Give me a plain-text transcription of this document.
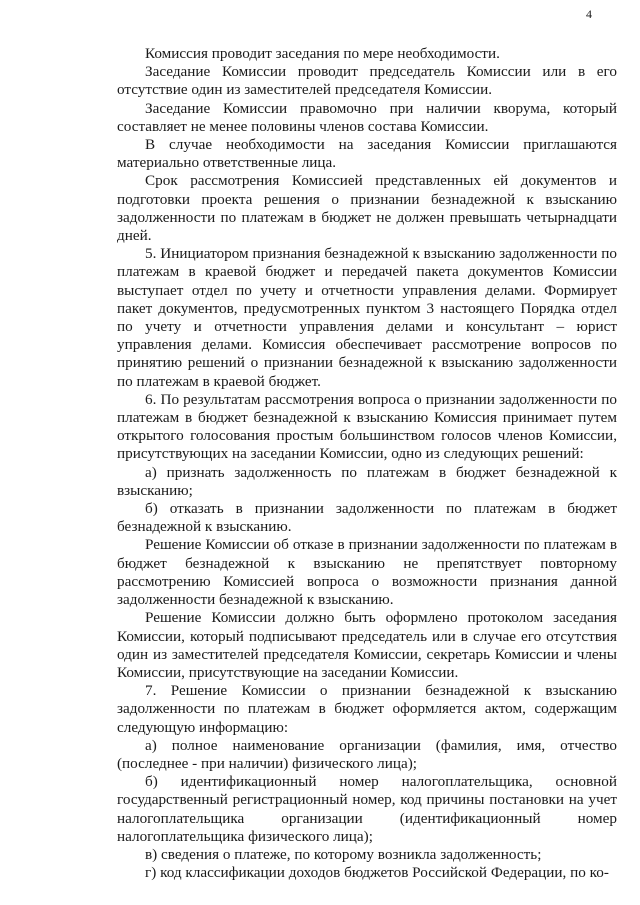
4

Комиссия проводит заседания по мере необходимости.

Заседание Комиссии проводит председатель Комиссии или в его отсутствие один из заместителей председателя Комиссии.

Заседание Комиссии правомочно при наличии кворума, который составляет не менее половины членов состава Комиссии.

В случае необходимости на заседания Комиссии приглашаются материально ответственные лица.

Срок рассмотрения Комиссией представленных ей документов и подготовки проекта решения о признании безнадежной к взысканию задолженности по платежам в бюджет не должен превышать четырнадцати дней.

5. Инициатором признания безнадежной к взысканию задолженности по платежам в краевой бюджет и передачей пакета документов Комиссии выступает отдел по учету и отчетности управления делами. Формирует пакет документов, предусмотренных пунктом 3 настоящего Порядка отдел по учету и отчетности управления делами и консультант – юрист управления делами. Комиссия обеспечивает рассмотрение вопросов по принятию решений о признании безнадежной к взысканию задолженности по платежам в краевой бюджет.

6. По результатам рассмотрения вопроса о признании задолженности по платежам в бюджет безнадежной к взысканию Комиссия принимает путем открытого голосования простым большинством голосов членов Комиссии, присутствующих на заседании Комиссии, одно из следующих решений:

а) признать задолженность по платежам в бюджет безнадежной к взысканию;

б) отказать в признании задолженности по платежам в бюджет безнадежной к взысканию.

Решение Комиссии об отказе в признании задолженности по платежам в бюджет безнадежной к взысканию не препятствует повторному рассмотрению Комиссией вопроса о возможности признания данной задолженности безнадежной к взысканию.

Решение Комиссии должно быть оформлено протоколом заседания Комиссии, который подписывают председатель или в случае его отсутствия один из заместителей председателя Комиссии, секретарь Комиссии и члены Комиссии, присутствующие на заседании Комиссии.

7. Решение Комиссии о признании безнадежной к взысканию задолженности по платежам в бюджет оформляется актом, содержащим следующую информацию:

а) полное наименование организации (фамилия, имя, отчество (последнее - при наличии) физического лица);

б) идентификационный номер налогоплательщика, основной государственный регистрационный номер, код причины постановки на учет налогоплательщика организации (идентификационный номер налогоплательщика физического лица);

в) сведения о платеже, по которому возникла задолженность;

г) код классификации доходов бюджетов Российской Федерации, по ко-
